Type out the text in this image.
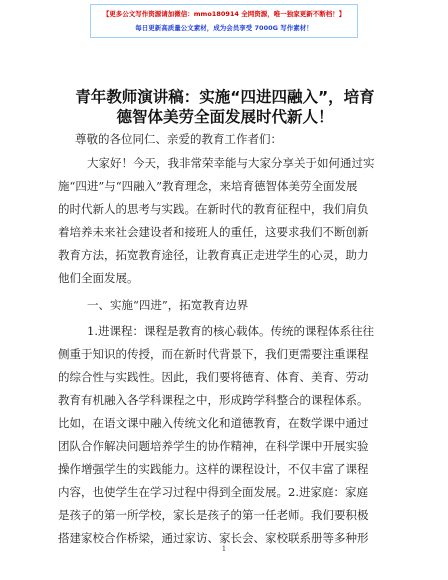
【更多公文写作资源请加微信：mmo180914 全网资源，唯一独家更新不断档！】
每日更新高质量公文素材，成为会员享受 7000G 写作素材！
青年教师演讲稿：实施“四进四融入”，培育
德智体美劳全面发展时代新人！
尊敬的各位同仁、亲爱的教育工作者们：
大家好！今天，我非常荣幸能与大家分享关于如何通过实
施“四进”与“四融入”教育理念，来培育德智体美劳全面发展
的时代新人的思考与实践。在新时代的教育征程中，我们肩负
着培养未来社会建设者和接班人的重任，这要求我们不断创新
教育方法，拓宽教育途径，让教育真正走进学生的心灵，助力
他们全面发展。
一、实施“四进”，拓宽教育边界
1.进课程：课程是教育的核心载体。传统的课程体系往往
侧重于知识的传授，而在新时代背景下，我们更需要注重课程
的综合性与实践性。因此，我们要将德育、体育、美育、劳动
教育有机融入各学科课程之中，形成跨学科整合的课程体系。
比如，在语文课中融入传统文化和道德教育，在数学课中通过
团队合作解决问题培养学生的协作精神，在科学课中开展实验
操作增强学生的实践能力。这样的课程设计，不仅丰富了课程
内容，也使学生在学习过程中得到全面发展。2.进家庭：家庭
是孩子的第一所学校，家长是孩子的第一任老师。我们要积极
搭建家校合作桥梁，通过家访、家长会、家校联系册等多种形
1
